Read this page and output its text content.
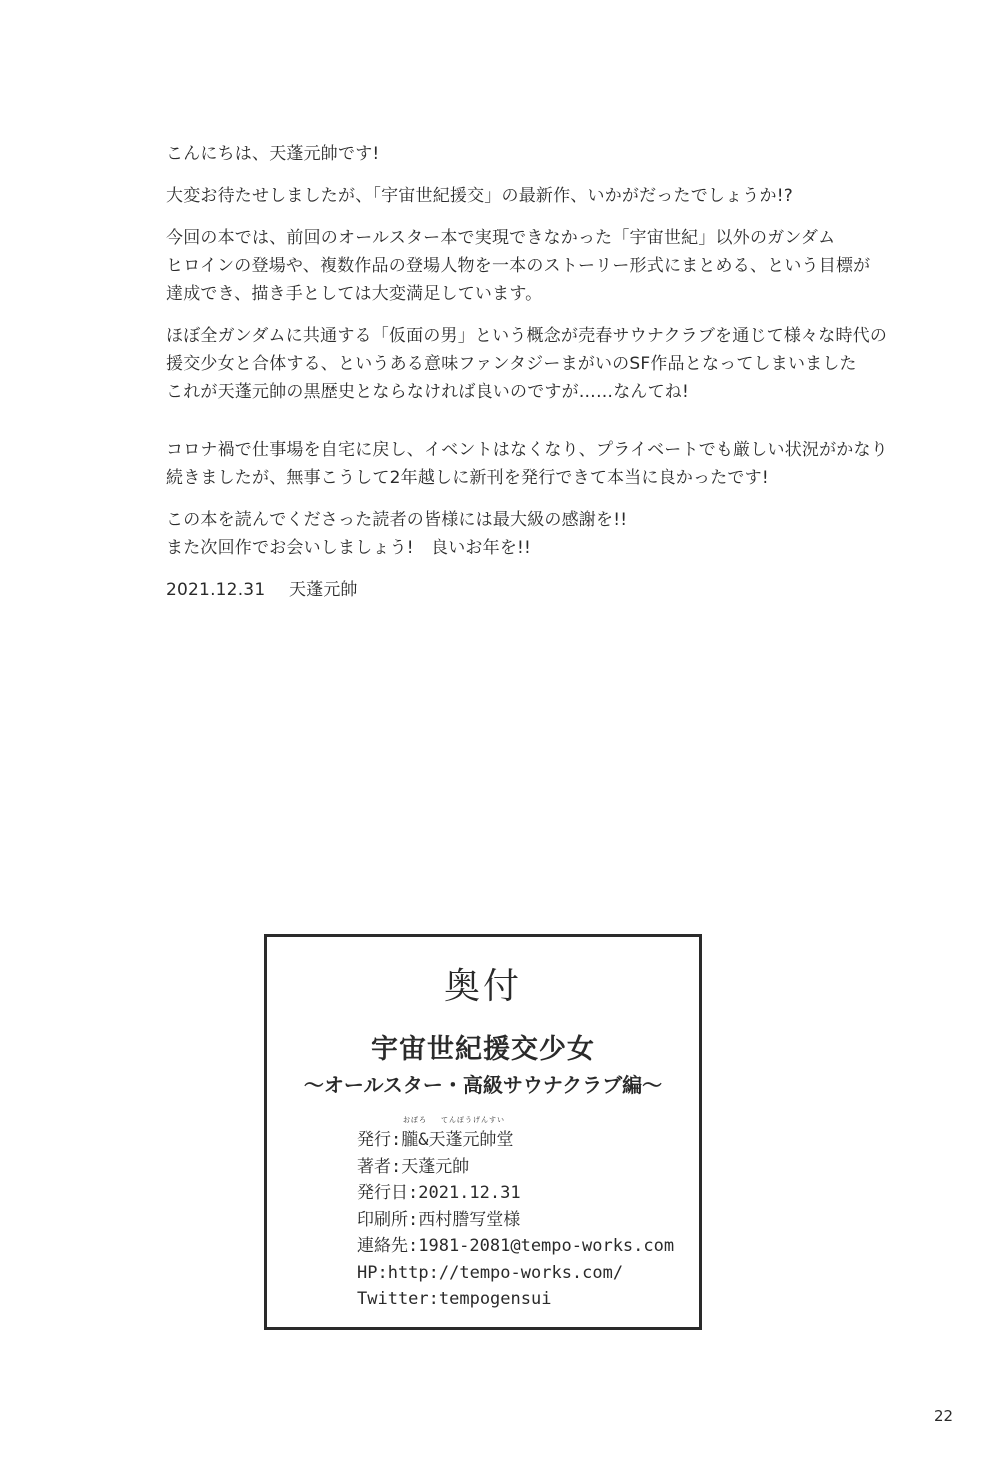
こんにちは、天蓬元帥です!

大変お待たせしましたが、「宇宙世紀援交」の最新作、いかがだったでしょうか!?

今回の本では、前回のオールスター本で実現できなかった「宇宙世紀」以外のガンダム
ヒロインの登場や、複数作品の登場人物を一本のストーリー形式にまとめる、という目標が
達成でき、描き手としては大変満足しています。

ほぼ全ガンダムに共通する「仮面の男」という概念が売春サウナクラブを通じて様々な時代の
援交少女と合体する、というある意味ファンタジーまがいのSF作品となってしまいました
これが天蓬元帥の黒歴史とならなければ良いのですが……なんてね!

コロナ禍で仕事場を自宅に戻し、イベントはなくなり、プライベートでも厳しい状況がかなり
続きましたが、無事こうして2年越しに新刊を発行できて本当に良かったです!

この本を読んでくださった読者の皆様には最大級の感謝を!!
また次回作でお会いしましょう!　良いお年を!!

2021.12.31 天蓬元帥
奥付
宇宙世紀援交少女
〜オールスター・高級サウナクラブ編〜
おぼろ てんぽうげんすい
発行:朧&天蓬元帥堂
著者:天蓬元帥
発行日:2021.12.31
印刷所:西村謄写堂様
連絡先:1981-2081@tempo-works.com
HP:http://tempo-works.com/
Twitter:tempogensui
22
